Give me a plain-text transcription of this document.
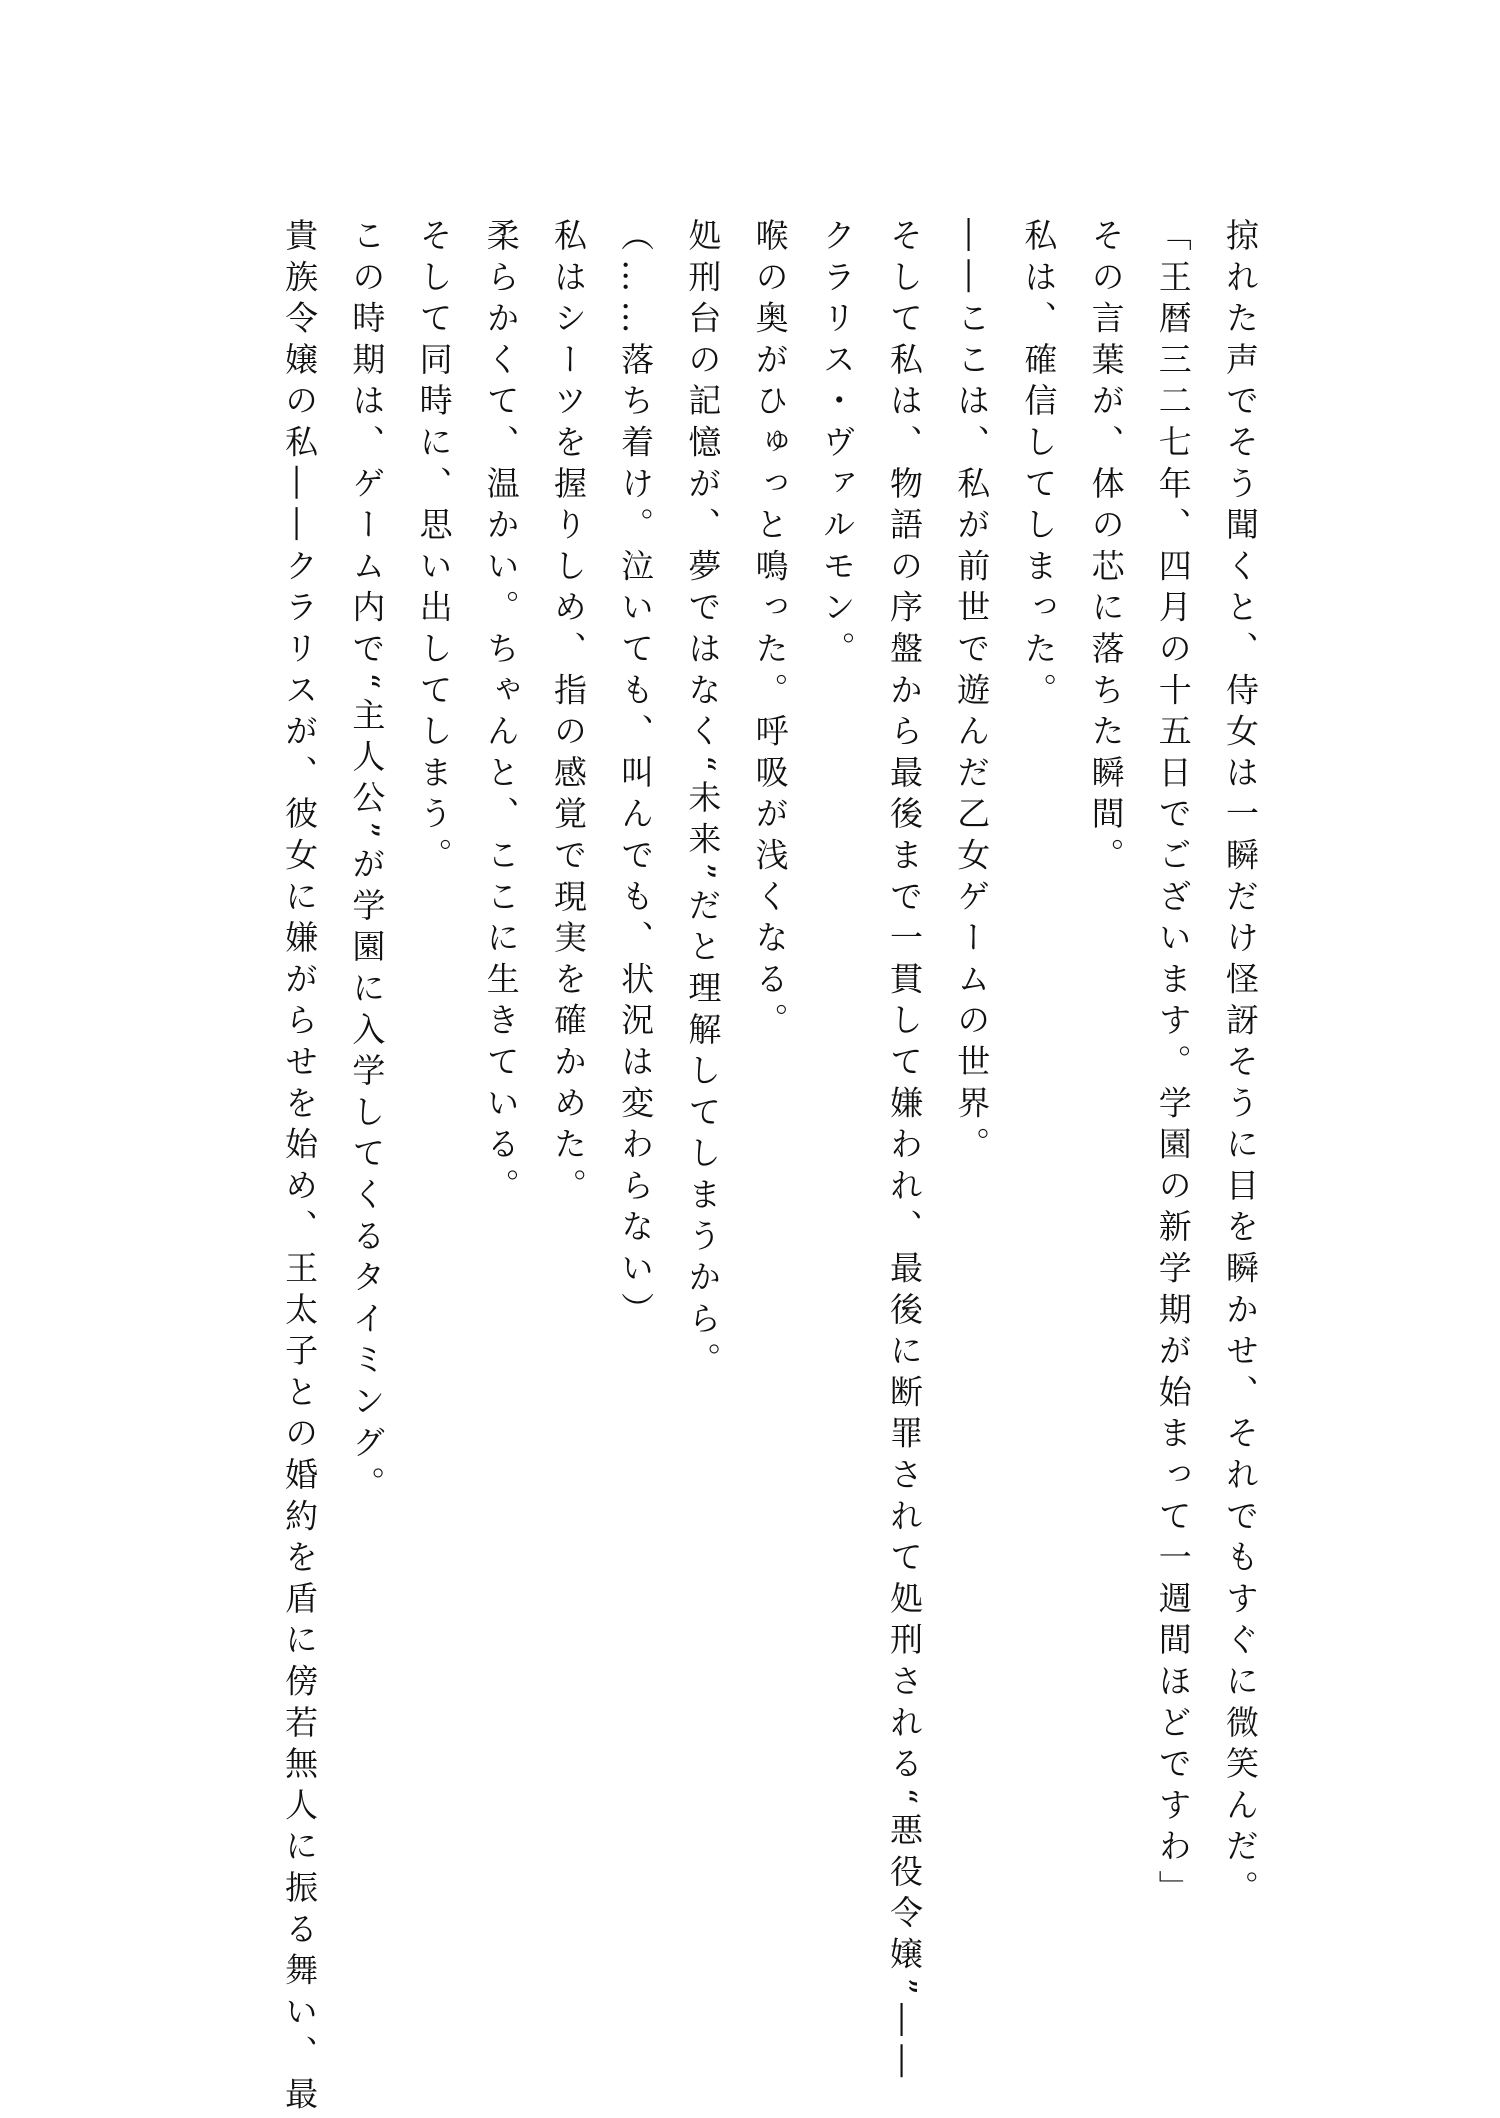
掠れた声でそう聞くと、侍女は一瞬だけ怪訝そうに目を瞬かせ、それでもすぐに微笑んだ。

「王暦三二七年、四月の十五日でございます。学園の新学期が始まって一週間ほどですわ」

その言葉が、体の芯に落ちた瞬間。

私は、確信してしまった。

――ここは、私が前世で遊んだ乙女ゲームの世界。

そして私は、物語の序盤から最後まで一貫して嫌われ、最後に断罪されて処刑される“悪役令嬢”――

クラリス・ヴァルモン。

喉の奥がひゅっと鳴った。呼吸が浅くなる。

処刑台の記憶が、夢ではなく“未来”だと理解してしまうから。

（……落ち着け。泣いても、叫んでも、状況は変わらない）

私はシーツを握りしめ、指の感覚で現実を確かめた。

柔らかくて、温かい。ちゃんと、ここに生きている。

そして同時に、思い出してしまう。

この時期は、ゲーム内で“主人公”が学園に入学してくるタイミング。

貴族令嬢の私――クラリスが、彼女に嫌がらせを始め、王太子との婚約を盾に傍若無人に振る舞い、最
